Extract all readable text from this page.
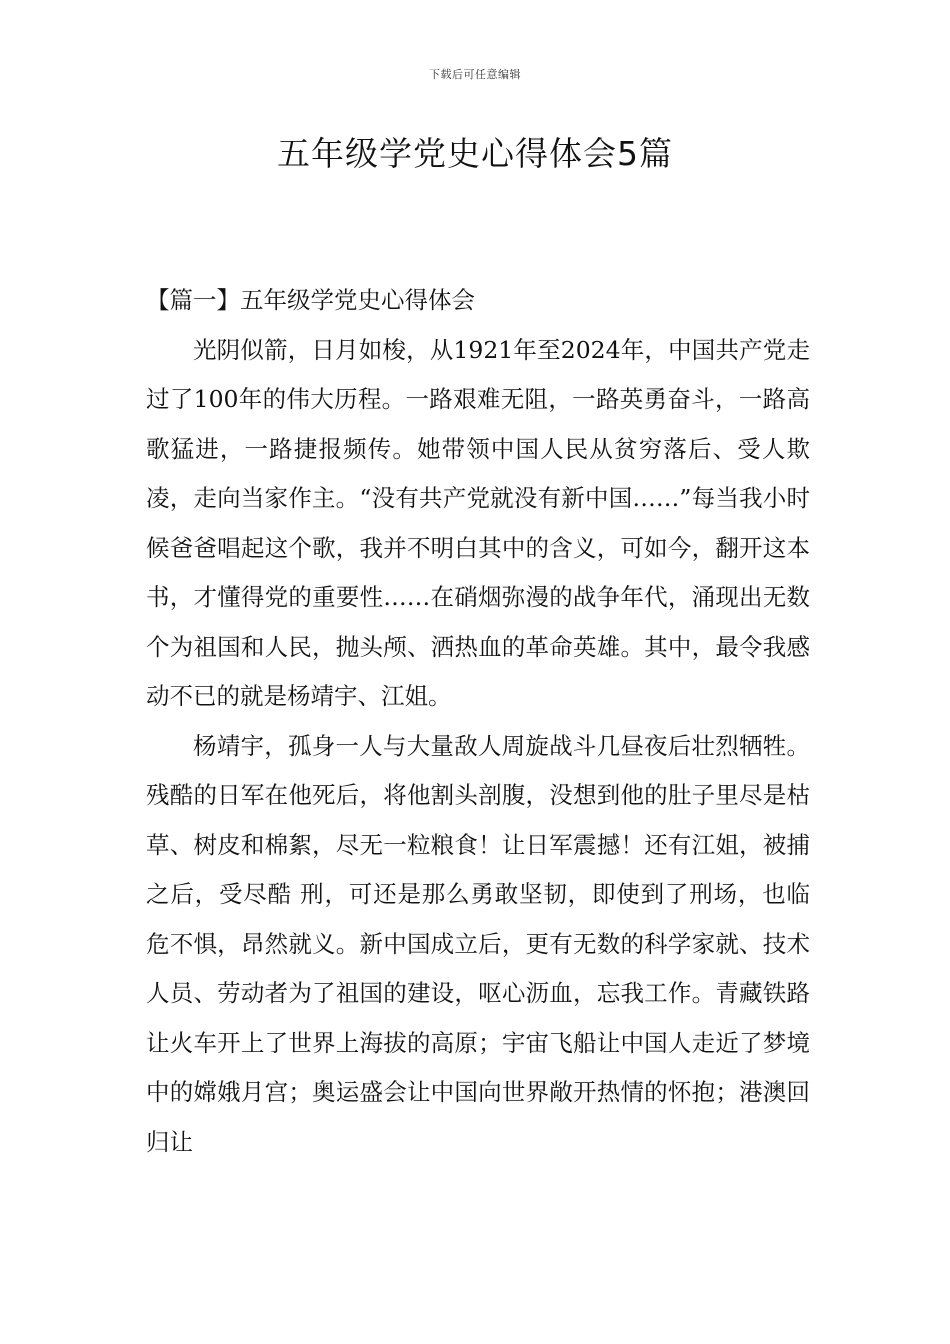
下载后可任意编辑
五年级学党史心得体会5篇

【篇一】五年级学党史心得体会

光阴似箭，日月如梭，从1921年至2024年，中国共产党走过了100年的伟大历程。一路艰难无阻，一路英勇奋斗，一路高歌猛进，一路捷报频传。她带领中国人民从贫穷落后、受人欺凌，走向当家作主。“没有共产党就没有新中国……”每当我小时候爸爸唱起这个歌，我并不明白其中的含义，可如今，翻开这本书，才懂得党的重要性……在硝烟弥漫的战争年代，涌现出无数个为祖国和人民，抛头颅、洒热血的革命英雄。其中，最令我感动不已的就是杨靖宇、江姐。

杨靖宇，孤身一人与大量敌人周旋战斗几昼夜后壮烈牺牲。残酷的日军在他死后，将他割头剖腹，没想到他的肚子里尽是枯草、树皮和棉絮，尽无一粒粮食！让日军震撼！还有江姐，被捕之后，受尽酷 刑，可还是那么勇敢坚韧，即使到了刑场，也临危不惧，昂然就义。新中国成立后，更有无数的科学家就、技术人员、劳动者为了祖国的建设，呕心沥血，忘我工作。青藏铁路让火车开上了世界上海拔的高原；宇宙飞船让中国人走近了梦境中的嫦娥月宫；奥运盛会让中国向世界敞开热情的怀抱；港澳回归让
